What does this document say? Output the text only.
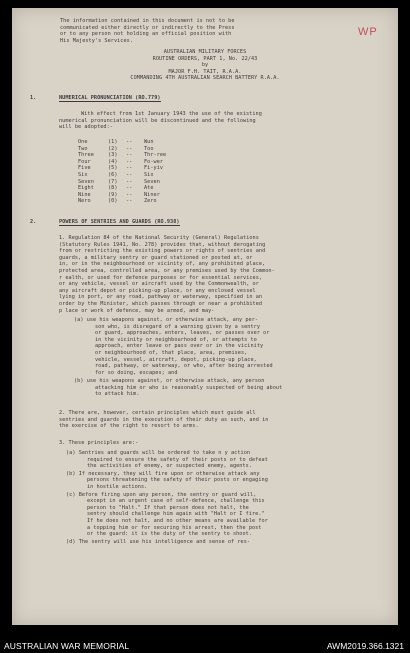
WP
The information contained in this document is not to be
communicated either directly or indirectly to the Press
or to any person not holding an official position with
His Majesty's Services.
AUSTRALIAN MILITARY FORCES
ROUTINE ORDERS, PART 1, No. 22/43
by
MAJOR F.H. TAIT, R.A.A.
COMMANDING 4TH AUSTRALIAN SEARCH BATTERY R.A.A.
1.	NUMERICAL PRONUNCIATION (RO.779)
With effect from 1st January 1943 the use of the existing
numerical pronunciation will be discontinued and the following
will be adopted:-
One	(1) -- Wun
Two	(2) -- Too
Three	(3) -- Thr-ree
Four	(4) -- Fo-wer
Five	(5) -- Fi-yiv
Six	(6) -- Six
Seven	(7) -- Seven
Eight	(8) -- Ate
Nine	(9) -- Niner
Nero	(0) -- Zero
2.	POWERS OF SENTRIES AND GUARDS (RO.938)
1. Regulation 84 of the National Security (General) Regulations
(Statutory Rules 1941, No. 278) provides that, without derogating
from or restricting the existing powers or rights of sentries and
guards, a military sentry or guard stationed or posted at, or
in, or in the neighbourhood or vicinity of, any prohibited place,
protected area, controlled area, or any premises used by the Common-
r ealth, or used for defence purposes or for essential services,
or any vehicle, vessel or aircraft used by the Commonwealth, or
any aircraft depot or picking-up place, or any enclosed vessel
lying in port, or any road, pathway or waterway, specified in an
order by the Minister, which passes through or near a prohibited
p lace or work of defence, may be armed, and may-
(a) use his weapons against, or otherwise attack, any per-
son who, is disregard of a warning given by a sentry
or guard, approaches, enters, leaves, or passes over or
in the vicinity or neighbourhood of, or attempts to
approach, enter leave or pass over or in the vicinity
or neighbourhood of, that place, area, premises,
vehicle, vessel, aircraft, depot, picking-up place,
road, pathway, or waterway, or who, after being arrested
for so doing, escapes; and
(b) use his weapons against, or otherwise attack, any person
attacking him or who is reasonably suspected of being about
to attack him.
2. There are, however, certain principles which must guide all
sentries and guards in the execution of their duty as such, and in
the exercise of the right to resort to arms.
3. These principles are:-
(a) Sentries and guards will be ordered to take n y action
required to ensure the safety of their posts or to defeat
the activities of enemy, or suspected enemy, agents.
(b) If necessary, they will fire upon or otherwise attack any
persons threatening the safety of their posts or engaging
in hostile actions.
(c) Before firing upon any person, the sentry or guard will,
except in an urgent case of self-defence, challenge this
person to "Halt." If that person does not halt, the
sentry should challenge him again with "Halt or I fire."
If he does not halt, and no other means are available for
a topping him or for securing his arrest, then the post
or the guard: it is the duty of the sentry to shoot.
(d) The sentry will use his intelligence and sense of res-
AUSTRALIAN WAR MEMORIAL	AWM2019.366.1321
